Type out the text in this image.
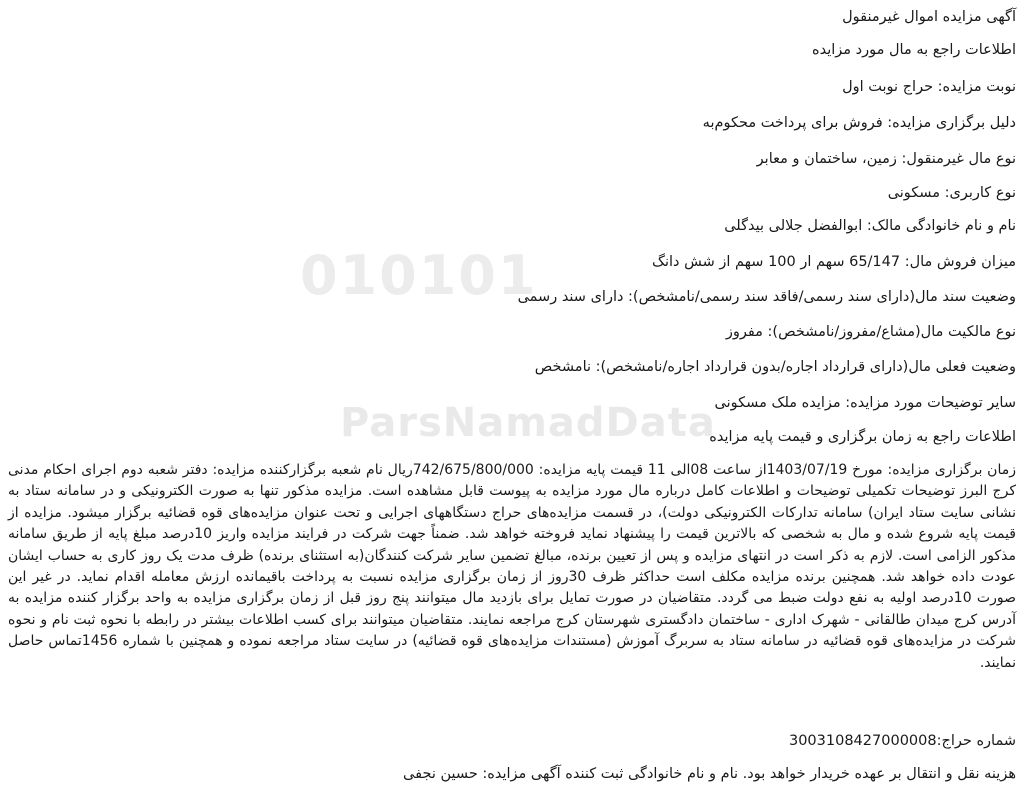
010101
ParsNamadData
آگهی مزایده اموال غیرمنقول
اطلاعات راجع به مال مورد مزایده
نوبت مزایده: حراج نوبت اول
دلیل برگزاری مزایده: فروش برای پرداخت محکوم‌به
نوع مال غیرمنقول: زمین، ساختمان و معابر
نوع کاربری: مسکونی
نام و نام خانوادگی مالک: ابوالفضل جلالی بیدگلی
میزان فروش مال: 65/147 سهم ار 100 سهم از شش دانگ
وضعیت سند مال(دارای سند رسمی/فاقد سند رسمی/نامشخص): دارای سند رسمی
نوع مالکیت مال(مشاع/مفروز/نامشخص): مفروز
وضعیت فعلی مال(دارای قرارداد اجاره/بدون قرارداد اجاره/نامشخص): نامشخص
سایر توضیحات مورد مزایده: مزایده ملک مسکونی
اطلاعات راجع به زمان برگزاری و قیمت پایه مزایده
زمان برگزاری مزایده: مورخ 1403/07/19از ساعت 08الی 11 قیمت پایه مزایده: 742/675/800/000ریال نام شعبه برگزارکننده مزایده: دفتر شعبه دوم اجرای احکام مدنی کرج البرز توضیحات تکمیلی توضیحات و اطلاعات کامل درباره مال مورد مزایده به پیوست قابل مشاهده است. مزایده مذکور تنها به صورت الکترونیکی و در سامانه ستاد به نشانی سایت ستاد ایران) سامانه تدارکات الکترونیکی دولت)، در قسمت مزایده‌های حراج دستگاههای اجرایی و تحت عنوان مزایده‌های قوه قضائیه برگزار میشود. مزایده از قیمت پایه شروع شده و مال به شخصی که بالاترین قیمت را پیشنهاد نماید فروخته خواهد شد. ضمناً جهت شرکت در فرایند مزایده واریز 10درصد مبلغ پایه از طریق سامانه مذکور الزامی است. لازم به ذکر است در انتهای مزایده و پس از تعیین برنده، مبالغ تضمین سایر شرکت کنندگان(به استثنای برنده) ظرف مدت یک روز کاری به حساب ایشان عودت داده خواهد شد. همچنین برنده مزایده مکلف است حداکثر ظرف 30روز از زمان برگزاری مزایده نسبت به پرداخت باقیمانده ارزش معامله اقدام نماید. در غیر این صورت 10درصد اولیه به نفع دولت ضبط می گردد. متقاضیان در صورت تمایل برای بازدید مال میتوانند پنج روز قبل از زمان برگزاری مزایده به واحد برگزار کننده مزایده به آدرس کرج میدان طالقانی - شهرک اداری - ساختمان دادگستری شهرستان کرج مراجعه نمایند. متقاضیان میتوانند برای کسب اطلاعات بیشتر در رابطه با نحوه ثبت نام و نحوه شرکت در مزایده‌های قوه قضائیه در سامانه ستاد به سربرگ آموزش (مستندات مزایده‌های قوه قضائیه) در سایت ستاد مراجعه نموده و همچنین با شماره 1456تماس حاصل نمایند.
شماره حراج:3003108427000008
هزینه نقل و انتقال بر عهده خریدار خواهد بود. نام و نام خانوادگی ثبت کننده آگهی مزایده: حسین نجفی
